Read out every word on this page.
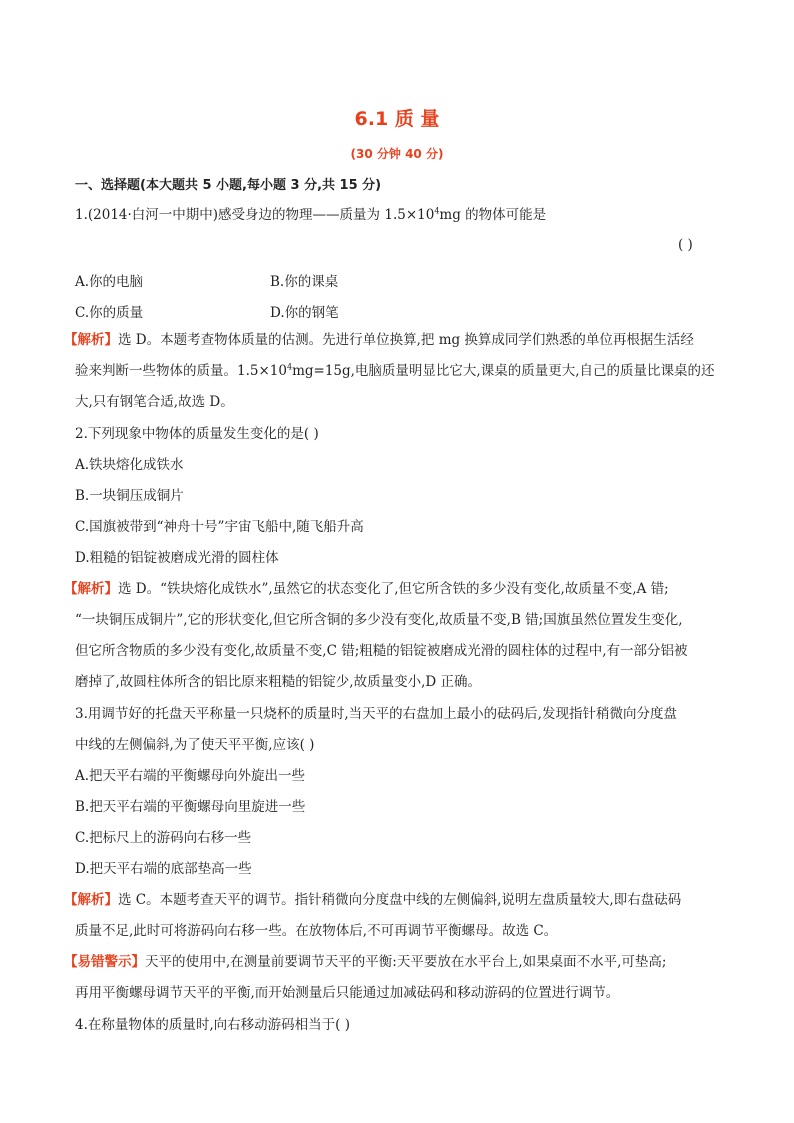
6.1 质 量
(30 分钟 40 分)
一、选择题(本大题共 5 小题,每小题 3 分,共 15 分)
1.(2014·白河一中期中)感受身边的物理——质量为 $1.5\times 10^4mg$ 的物体可能是
( )
A.你的电脑	B.你的课桌
C.你的质量	D.你的钢笔
【解析】选 D。本题考查物体质量的估测。先进行单位换算,把 mg 换算成同学们熟悉的单位再根据生活经
验来判断一些物体的质量。$1.5\times 10^4mg=15g$,电脑质量明显比它大,课桌的质量更大,自己的质量比课桌的还
大,只有钢笔合适,故选 D。
2.下列现象中物体的质量发生变化的是( )
A.铁块熔化成铁水
B.一块铜压成铜片
C.国旗被带到“神舟十号”宇宙飞船中,随飞船升高
D.粗糙的铝锭被磨成光滑的圆柱体
【解析】选 D。“铁块熔化成铁水”,虽然它的状态变化了,但它所含铁的多少没有变化,故质量不变,A 错;
“一块铜压成铜片”,它的形状变化,但它所含铜的多少没有变化,故质量不变,B 错;国旗虽然位置发生变化,
但它所含物质的多少没有变化,故质量不变,C 错;粗糙的铝锭被磨成光滑的圆柱体的过程中,有一部分铝被
磨掉了,故圆柱体所含的铝比原来粗糙的铝锭少,故质量变小,D 正确。
3.用调节好的托盘天平称量一只烧杯的质量时,当天平的右盘加上最小的砝码后,发现指针稍微向分度盘
中线的左侧偏斜,为了使天平平衡,应该( )
A.把天平右端的平衡螺母向外旋出一些
B.把天平右端的平衡螺母向里旋进一些
C.把标尺上的游码向右移一些
D.把天平右端的底部垫高一些
【解析】选 C。本题考查天平的调节。指针稍微向分度盘中线的左侧偏斜,说明左盘质量较大,即右盘砝码
质量不足,此时可将游码向右移一些。在放物体后,不可再调节平衡螺母。故选 C。
【易错警示】天平的使用中,在测量前要调节天平的平衡:天平要放在水平台上,如果桌面不水平,可垫高;
再用平衡螺母调节天平的平衡,而开始测量后只能通过加减砝码和移动游码的位置进行调节。
4.在称量物体的质量时,向右移动游码相当于( )
